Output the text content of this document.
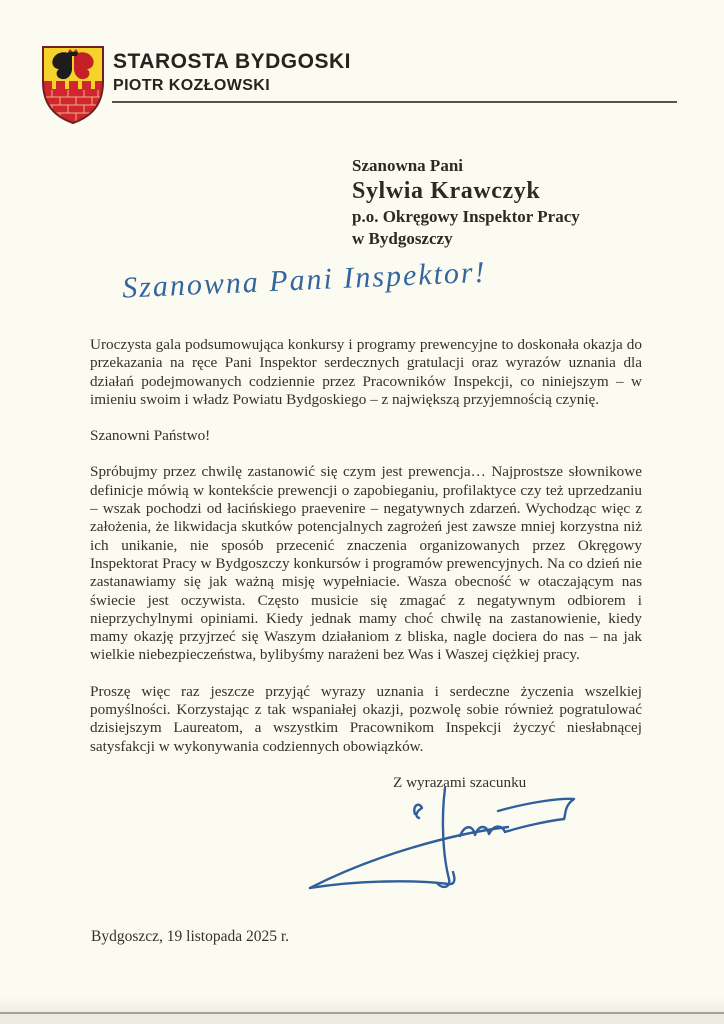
STAROSTA BYDGOSKI
PIOTR KOZŁOWSKI
Szanowna Pani
Sylwia Krawczyk
p.o. Okręgowy Inspektor Pracy
w Bydgoszczy
Szanowna Pani Inspektor!

Uroczysta gala podsumowująca konkursy i programy prewencyjne to doskonała okazja do przekazania na ręce Pani Inspektor serdecznych gratulacji oraz wyrazów uznania dla działań podejmowanych codziennie przez Pracowników Inspekcji, co niniejszym – w imieniu swoim i władz Powiatu Bydgoskiego – z największą przyjemnością czynię.

Szanowni Państwo!

Spróbujmy przez chwilę zastanowić się czym jest prewencja… Najprostsze słownikowe definicje mówią w kontekście prewencji o zapobieganiu, profilaktyce czy też uprzedzaniu – wszak pochodzi od łacińskiego praevenire – negatywnych zdarzeń. Wychodząc więc z założenia, że likwidacja skutków potencjalnych zagrożeń jest zawsze mniej korzystna niż ich unikanie, nie sposób przecenić znaczenia organizowanych przez Okręgowy Inspektorat Pracy w Bydgoszczy konkursów i programów prewencyjnych. Na co dzień nie zastanawiamy się jak ważną misję wypełniacie. Wasza obecność w otaczającym nas świecie jest oczywista. Często musicie się zmagać z negatywnym odbiorem i nieprzychylnymi opiniami. Kiedy jednak mamy choć chwilę na zastanowienie, kiedy mamy okazję przyjrzeć się Waszym działaniom z bliska, nagle dociera do nas – na jak wielkie niebezpieczeństwa, bylibyśmy narażeni bez Was i Waszej ciężkiej pracy.

Proszę więc raz jeszcze przyjąć wyrazy uznania i serdeczne życzenia wszelkiej pomyślności. Korzystając z tak wspaniałej okazji, pozwolę sobie również pogratulować dzisiejszym Laureatom, a wszystkim Pracownikom Inspekcji życzyć niesłabnącej satysfakcji w wykonywania codziennych obowiązków.

Z wyrazami szacunku

Bydgoszcz, 19 listopada 2025 r.
